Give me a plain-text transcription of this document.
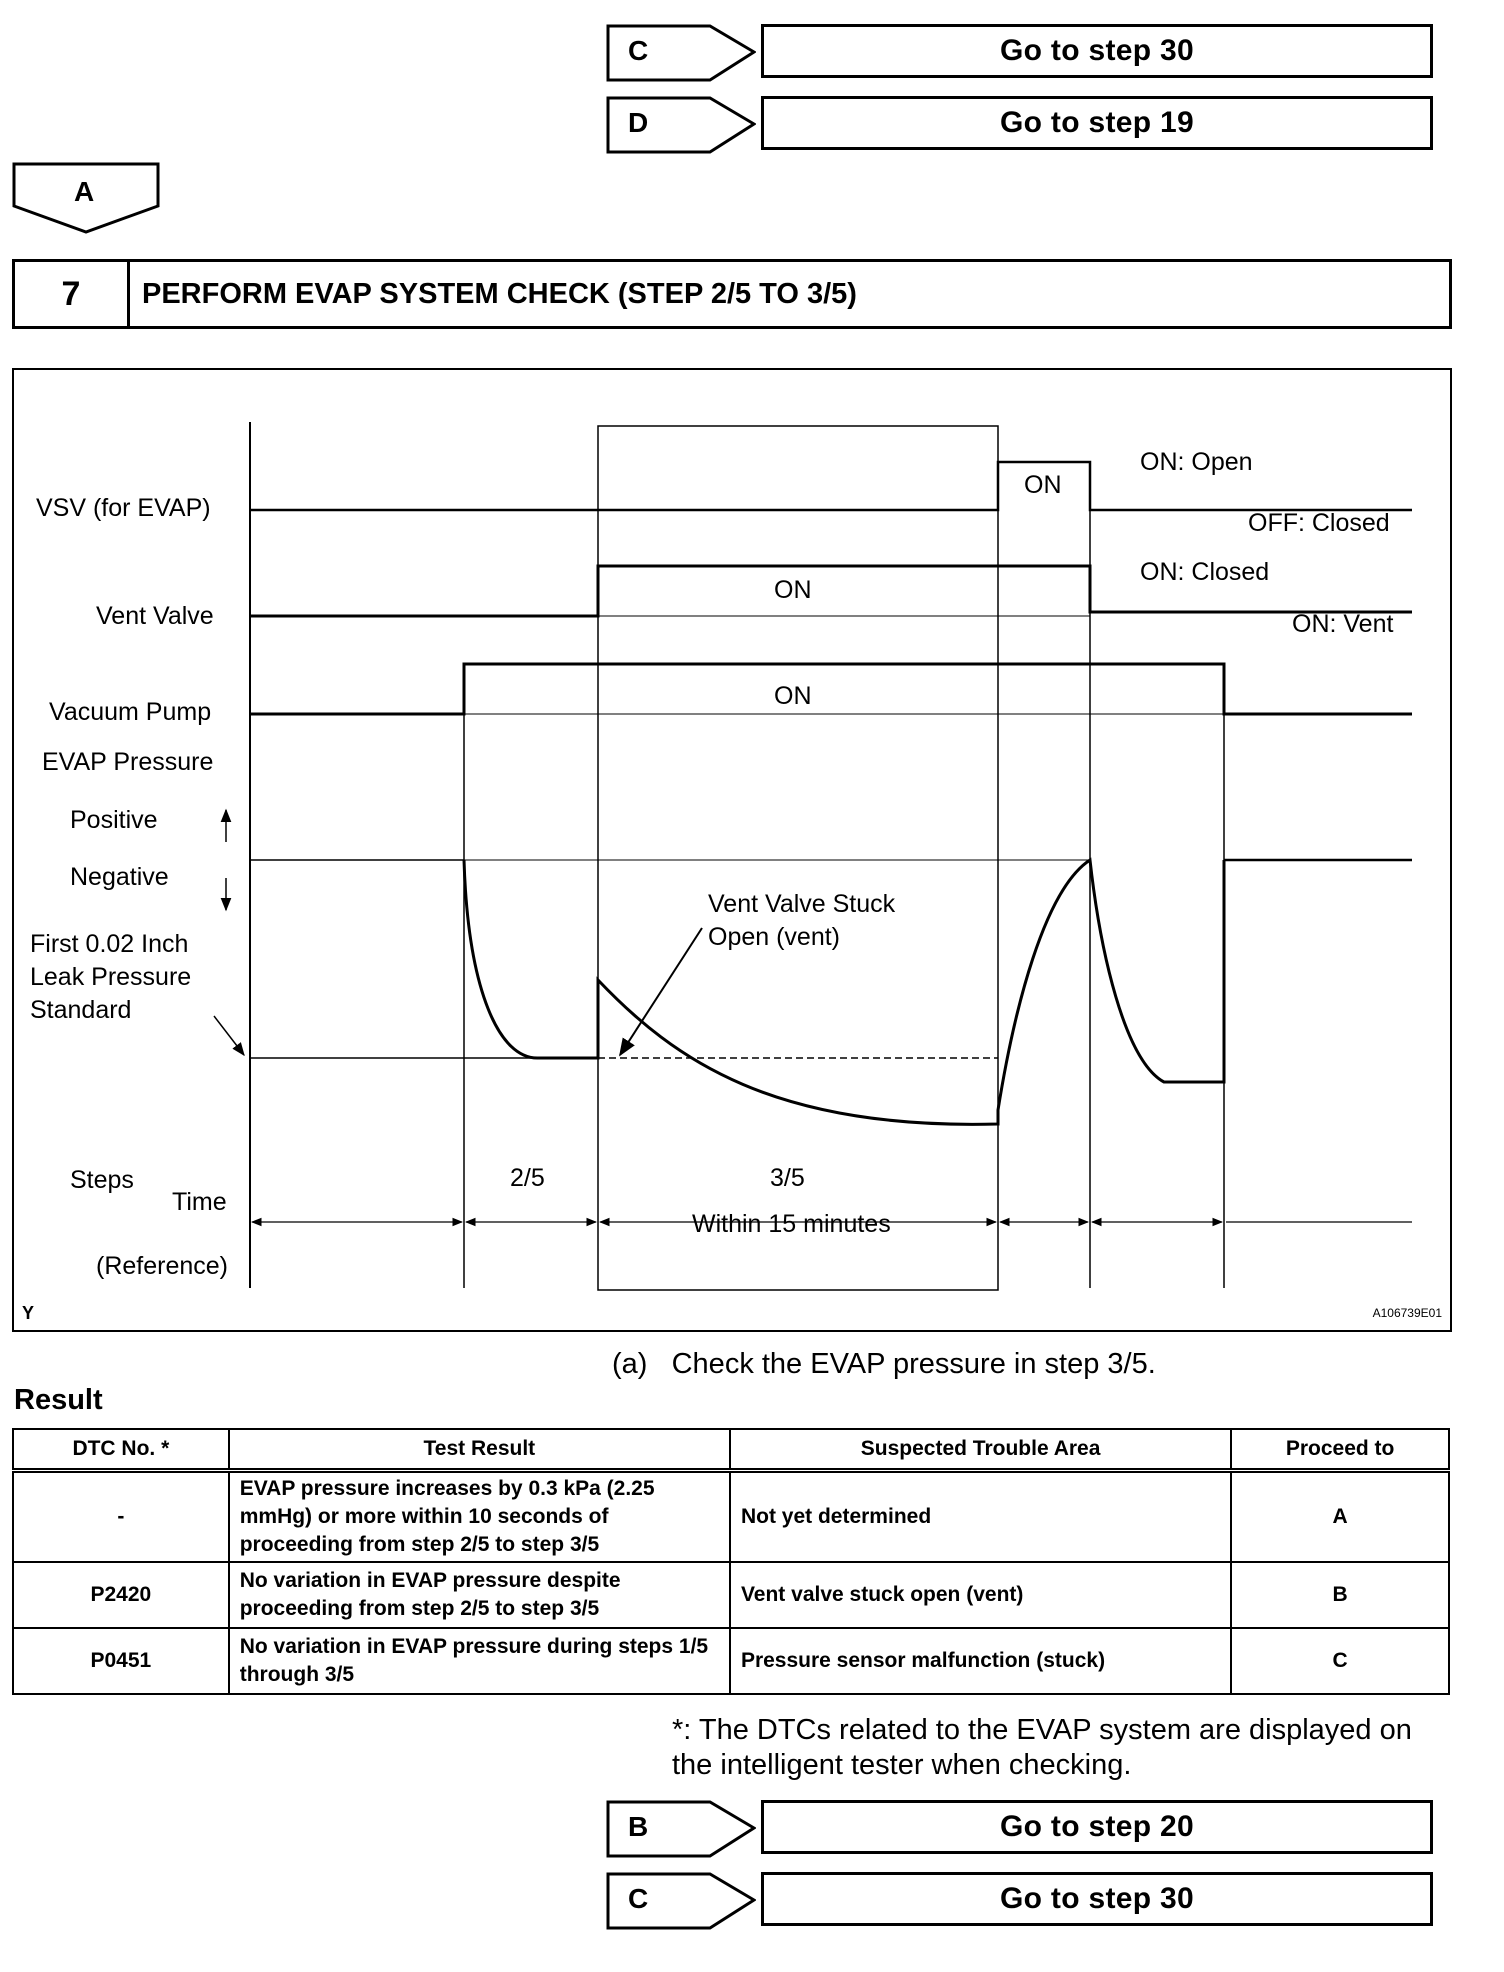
C	Go to step 30
D	Go to step 19
A
7	PERFORM EVAP SYSTEM CHECK (STEP 2/5 TO 3/5)
VSV (for EVAP)
Vent Valve
Vacuum Pump
EVAP Pressure
Positive
Negative
First 0.02 Inch
Leak Pressure
Standard
Steps
Time
(Reference)
ON
ON: Open
OFF: Closed
ON
ON: Closed
ON: Vent
ON
Vent Valve Stuck
Open (vent)
2/5	3/5
Within 15 minutes
A106739E01
Y
(a)   Check the EVAP pressure in step 3/5.
Result
DTC No. *	Test Result	Suspected Trouble Area	Proceed to
-	EVAP pressure increases by 0.3 kPa (2.25 mmHg) or more within 10 seconds of proceeding from step 2/5 to step 3/5	Not yet determined	A
P2420	No variation in EVAP pressure despite proceeding from step 2/5 to step 3/5	Vent valve stuck open (vent)	B
P0451	No variation in EVAP pressure during steps 1/5 through 3/5	Pressure sensor malfunction (stuck)	C
*: The DTCs related to the EVAP system are displayed on the intelligent tester when checking.
B	Go to step 20
C	Go to step 30
